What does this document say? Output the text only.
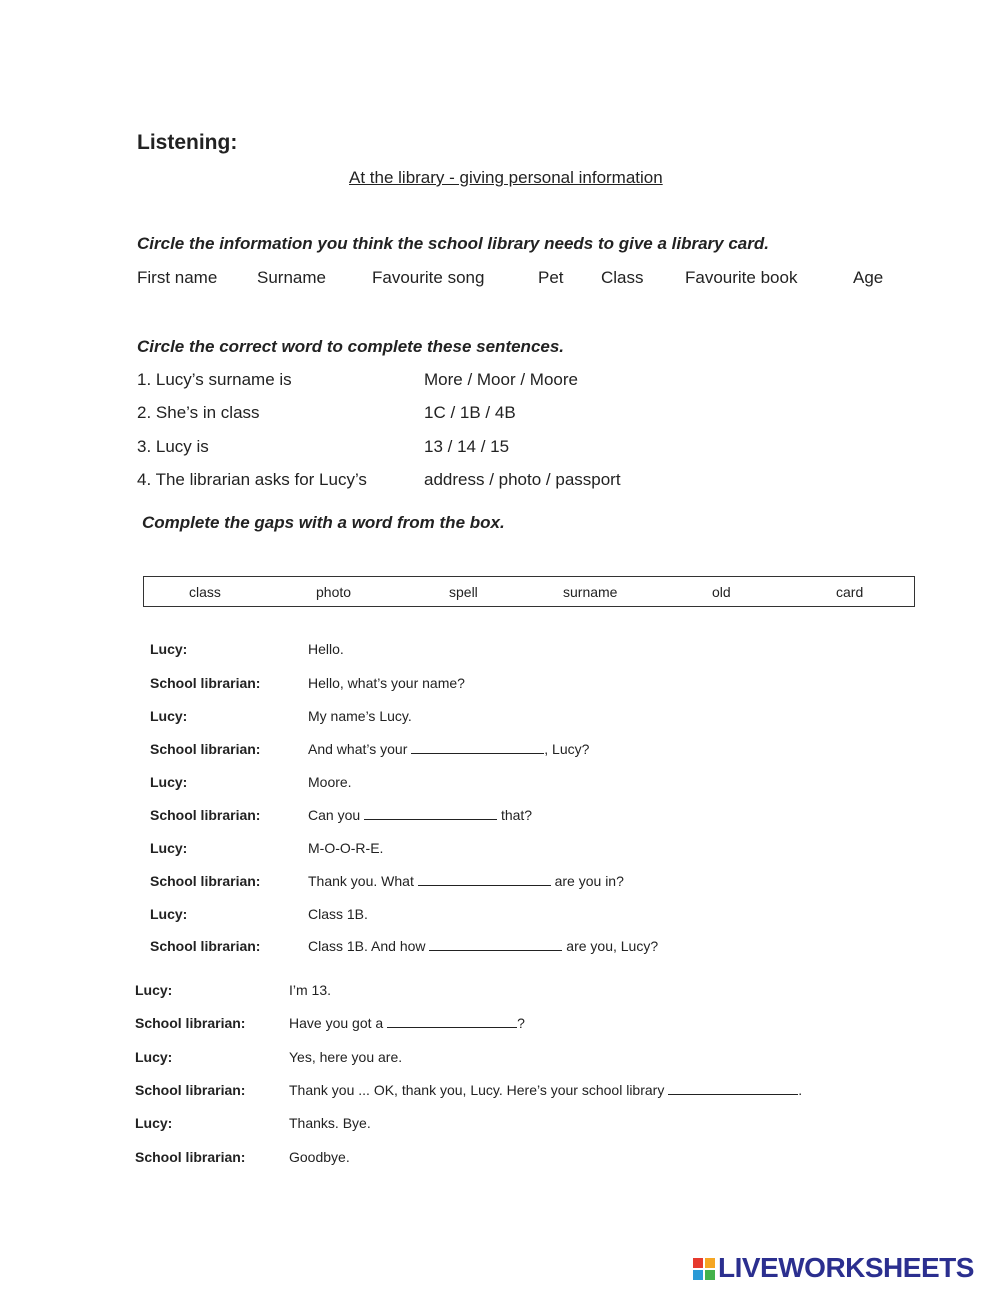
Listening:
At the library - giving personal information
Circle the information you think the school library needs to give a library card.
First name Surname	Favourite song	Pet Class Favourite book	Age
Circle the correct word to complete these sentences.
1. Lucy’s surname is	More / Moor / Moore
2. She’s in class	1C / 1B / 4B
3. Lucy is	13 / 14 / 15
4. The librarian asks for Lucy’s	address / photo / passport
Complete the gaps with a word from the box.
class	photo	spell	surname	old	card
Lucy:	Hello.
School librarian:	Hello, what’s your name?
Lucy:	My name’s Lucy.
School librarian:	And what’s your	, Lucy?
Lucy:	Moore.
School librarian:	Can you	that?
Lucy:	M-O-O-R-E.
School librarian:	Thank you. What	are you in?
Lucy:	Class 1B.
School librarian:	Class 1B. And how	are you, Lucy?
Lucy:	I’m 13.
School librarian:	Have you got a	?
Lucy:	Yes, here you are.
School librarian:	Thank you ... OK, thank you, Lucy. Here’s your school library	.
Lucy:	Thanks. Bye.
School librarian:	Goodbye.
LIVEWORKSHEETS
